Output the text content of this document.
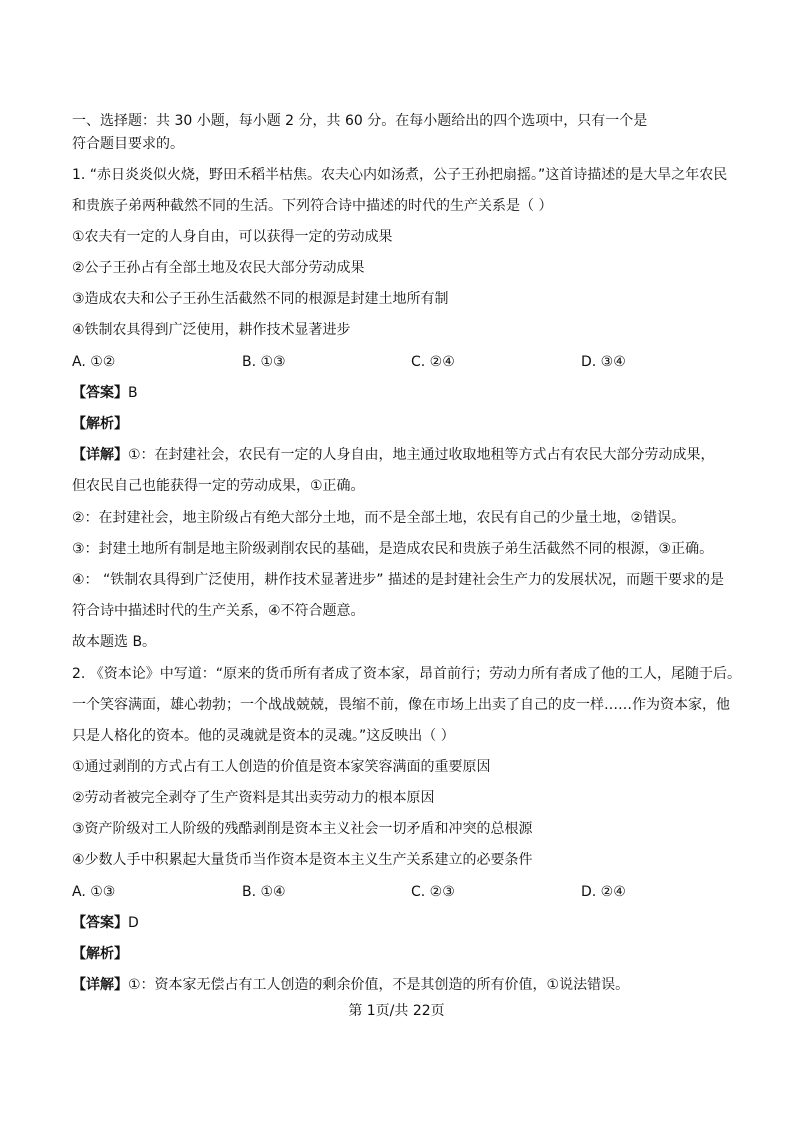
一、选择题：共 30 小题，每小题 2 分，共 60 分。在每小题给出的四个选项中，只有一个是
符合题目要求的。
1. “赤日炎炎似火烧，野田禾稻半枯焦。农夫心内如汤煮，公子王孙把扇摇。”这首诗描述的是大旱之年农民
和贵族子弟两种截然不同的生活。下列符合诗中描述的时代的生产关系是（ ）
①农夫有一定的人身自由，可以获得一定的劳动成果
②公子王孙占有全部土地及农民大部分劳动成果
③造成农夫和公子王孙生活截然不同的根源是封建土地所有制
④铁制农具得到广泛使用，耕作技术显著进步
A. ①②	B. ①③	C. ②④	D. ③④
【答案】B
【解析】
【详解】①：在封建社会，农民有一定的人身自由，地主通过收取地租等方式占有农民大部分劳动成果，
但农民自己也能获得一定的劳动成果，①正确。
②：在封建社会，地主阶级占有绝大部分土地，而不是全部土地，农民有自己的少量土地，②错误。
③：封建土地所有制是地主阶级剥削农民的基础，是造成农民和贵族子弟生活截然不同的根源，③正确。
④： “铁制农具得到广泛使用，耕作技术显著进步” 描述的是封建社会生产力的发展状况，而题干要求的是
符合诗中描述时代的生产关系，④不符合题意。
故本题选 B。
2. 《资本论》中写道：“原来的货币所有者成了资本家，昂首前行；劳动力所有者成了他的工人，尾随于后。
一个笑容满面，雄心勃勃；一个战战兢兢，畏缩不前，像在市场上出卖了自己的皮一样……作为资本家，他
只是人格化的资本。他的灵魂就是资本的灵魂。”这反映出（ ）
①通过剥削的方式占有工人创造的价值是资本家笑容满面的重要原因
②劳动者被完全剥夺了生产资料是其出卖劳动力的根本原因
③资产阶级对工人阶级的残酷剥削是资本主义社会一切矛盾和冲突的总根源
④少数人手中积累起大量货币当作资本是资本主义生产关系建立的必要条件
A. ①③	B. ①④	C. ②③	D. ②④
【答案】D
【解析】
【详解】①：资本家无偿占有工人创造的剩余价值，不是其创造的所有价值，①说法错误。
第 1页/共 22页
